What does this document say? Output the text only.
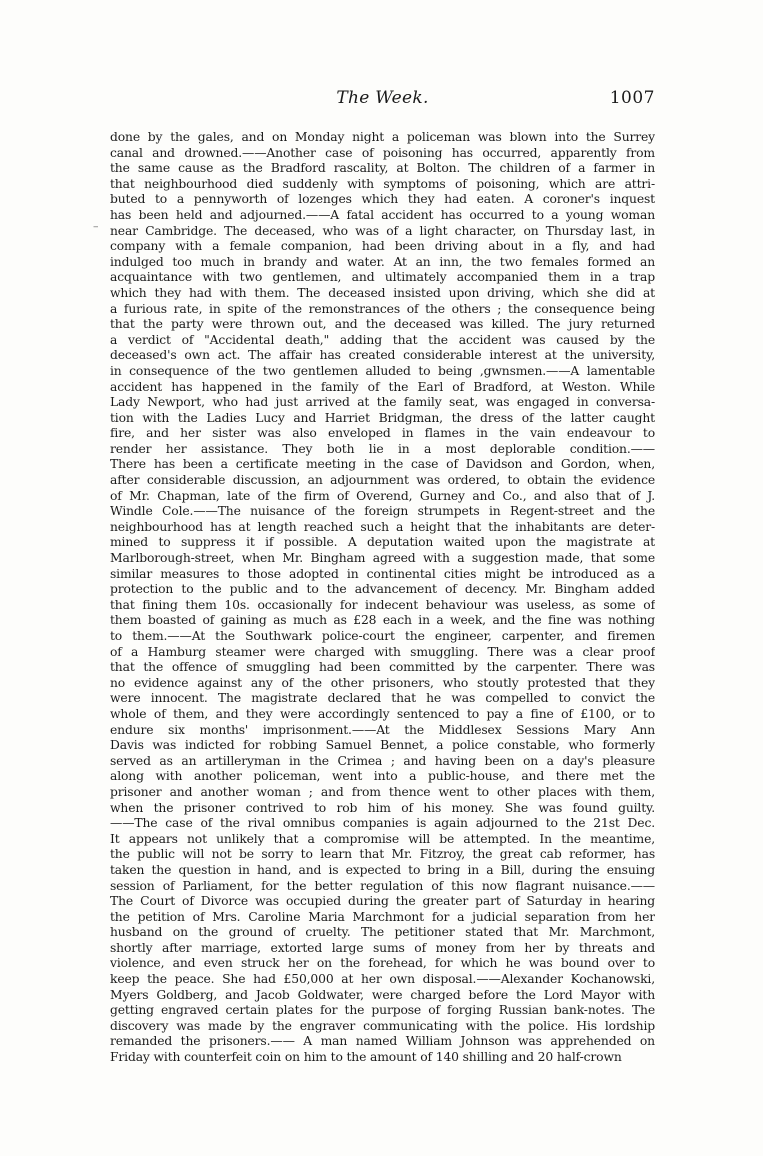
The Week.	1007
–
done by the gales, and on Monday night a policeman was blown into the Surrey
canal and drowned.——Another case of poisoning has occurred, apparently from
the same cause as the Bradford rascality, at Bolton. The children of a farmer in
that neighbourhood died suddenly with symptoms of poisoning, which are attri-
buted to a pennyworth of lozenges which they had eaten. A coroner's inquest
has been held and adjourned.——A fatal accident has occurred to a young woman
near Cambridge. The deceased, who was of a light character, on Thursday last, in
company with a female companion, had been driving about in a fly, and had
indulged too much in brandy and water. At an inn, the two females formed an
acquaintance with two gentlemen, and ultimately accompanied them in a trap
which they had with them. The deceased insisted upon driving, which she did at
a furious rate, in spite of the remonstrances of the others ; the consequence being
that the party were thrown out, and the deceased was killed. The jury returned
a verdict of "Accidental death," adding that the accident was caused by the
deceased's own act. The affair has created considerable interest at the university,
in consequence of the two gentlemen alluded to being ,gwnsmen.——A lamentable
accident has happened in the family of the Earl of Bradford, at Weston. While
Lady Newport, who had just arrived at the family seat, was engaged in conversa-
tion with the Ladies Lucy and Harriet Bridgman, the dress of the latter caught
fire, and her sister was also enveloped in flames in the vain endeavour to
render her assistance. They both lie in a most deplorable condition.——
There has been a certificate meeting in the case of Davidson and Gordon, when,
after considerable discussion, an adjournment was ordered, to obtain the evidence
of Mr. Chapman, late of the firm of Overend, Gurney and Co., and also that of J.
Windle Cole.——The nuisance of the foreign strumpets in Regent-street and the
neighbourhood has at length reached such a height that the inhabitants are deter-
mined to suppress it if possible. A deputation waited upon the magistrate at
Marlborough-street, when Mr. Bingham agreed with a suggestion made, that some
similar measures to those adopted in continental cities might be introduced as a
protection to the public and to the advancement of decency. Mr. Bingham added
that fining them 10s. occasionally for indecent behaviour was useless, as some of
them boasted of gaining as much as £28 each in a week, and the fine was nothing
to them.——At the Southwark police-court the engineer, carpenter, and firemen
of a Hamburg steamer were charged with smuggling. There was a clear proof
that the offence of smuggling had been committed by the carpenter. There was
no evidence against any of the other prisoners, who stoutly protested that they
were innocent. The magistrate declared that he was compelled to convict the
whole of them, and they were accordingly sentenced to pay a fine of £100, or to
endure six months' imprisonment.——At the Middlesex Sessions Mary Ann
Davis was indicted for robbing Samuel Bennet, a police constable, who formerly
served as an artilleryman in the Crimea ; and having been on a day's pleasure
along with another policeman, went into a public-house, and there met the
prisoner and another woman ; and from thence went to other places with them,
when the prisoner contrived to rob him of his money. She was found guilty.
——The case of the rival omnibus companies is again adjourned to the 21st Dec.
It appears not unlikely that a compromise will be attempted. In the meantime,
the public will not be sorry to learn that Mr. Fitzroy, the great cab reformer, has
taken the question in hand, and is expected to bring in a Bill, during the ensuing
session of Parliament, for the better regulation of this now flagrant nuisance.——
The Court of Divorce was occupied during the greater part of Saturday in hearing
the petition of Mrs. Caroline Maria Marchmont for a judicial separation from her
husband on the ground of cruelty. The petitioner stated that Mr. Marchmont,
shortly after marriage, extorted large sums of money from her by threats and
violence, and even struck her on the forehead, for which he was bound over to
keep the peace. She had £50,000 at her own disposal.——Alexander Kochanowski,
Myers Goldberg, and Jacob Goldwater, were charged before the Lord Mayor with
getting engraved certain plates for the purpose of forging Russian bank-notes. The
discovery was made by the engraver communicating with the police. His lordship
remanded the prisoners.—— A man named William Johnson was apprehended on
Friday with counterfeit coin on him to the amount of 140 shilling and 20 half-crown
